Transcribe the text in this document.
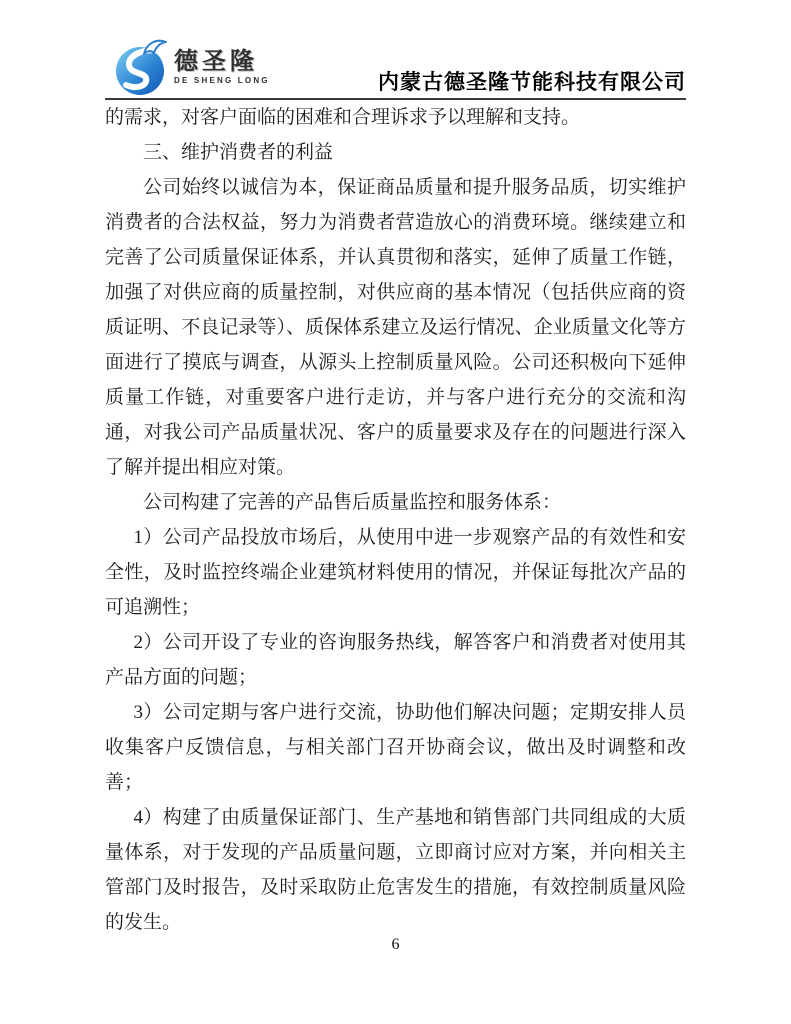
德圣隆
DE SHENG LONG	内蒙古德圣隆节能科技有限公司

的需求，对客户面临的困难和合理诉求予以理解和支持。

三、维护消费者的利益

公司始终以诚信为本，保证商品质量和提升服务品质，切实维护消费者的合法权益，努力为消费者营造放心的消费环境。继续建立和完善了公司质量保证体系，并认真贯彻和落实，延伸了质量工作链，加强了对供应商的质量控制，对供应商的基本情况（包括供应商的资质证明、不良记录等）、质保体系建立及运行情况、企业质量文化等方面进行了摸底与调查，从源头上控制质量风险。公司还积极向下延伸质量工作链，对重要客户进行走访，并与客户进行充分的交流和沟通，对我公司产品质量状况、客户的质量要求及存在的问题进行深入了解并提出相应对策。

公司构建了完善的产品售后质量监控和服务体系：

1）公司产品投放市场后，从使用中进一步观察产品的有效性和安全性，及时监控终端企业建筑材料使用的情况，并保证每批次产品的可追溯性；

2）公司开设了专业的咨询服务热线，解答客户和消费者对使用其产品方面的问题；

3）公司定期与客户进行交流，协助他们解决问题；定期安排人员收集客户反馈信息，与相关部门召开协商会议，做出及时调整和改善；

4）构建了由质量保证部门、生产基地和销售部门共同组成的大质量体系，对于发现的产品质量问题，立即商讨应对方案，并向相关主管部门及时报告，及时采取防止危害发生的措施，有效控制质量风险的发生。

6
